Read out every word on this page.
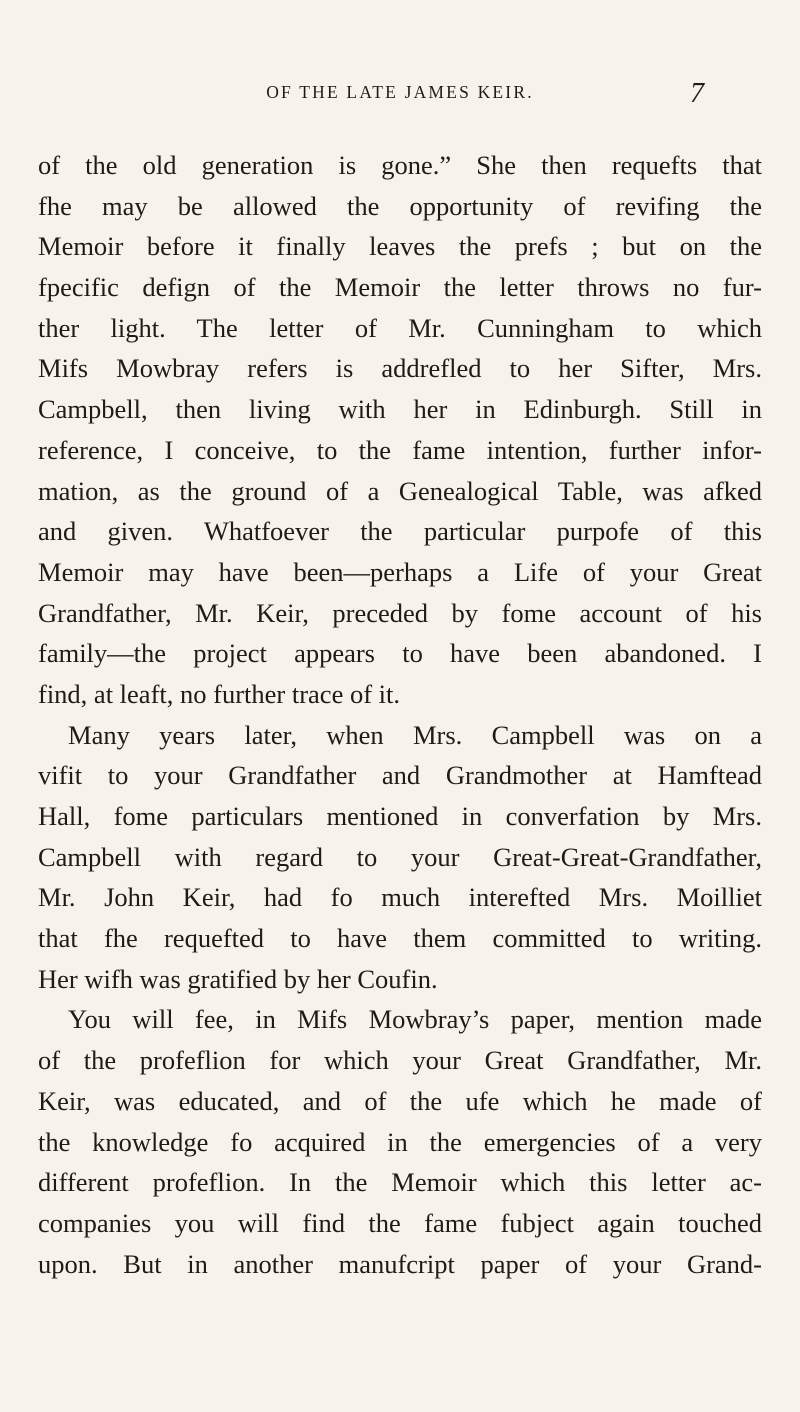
OF THE LATE JAMES KEIR.	7
of the old generation is gone.” She then requefts that
fhe may be allowed the opportunity of revifing the
Memoir before it finally leaves the prefs ; but on the
fpecific defign of the Memoir the letter throws no fur-
ther light. The letter of Mr. Cunningham to which
Mifs Mowbray refers is addrefled to her Sifter, Mrs.
Campbell, then living with her in Edinburgh. Still in
reference, I conceive, to the fame intention, further infor-
mation, as the ground of a Genealogical Table, was afked
and given. Whatfoever the particular purpofe of this
Memoir may have been—perhaps a Life of your Great
Grandfather, Mr. Keir, preceded by fome account of his
family—the project appears to have been abandoned. I
find, at leaft, no further trace of it.
Many years later, when Mrs. Campbell was on a
vifit to your Grandfather and Grandmother at Hamftead
Hall, fome particulars mentioned in converfation by Mrs.
Campbell with regard to your Great-Great-Grandfather,
Mr. John Keir, had fo much interefted Mrs. Moilliet
that fhe requefted to have them committed to writing.
Her wifh was gratified by her Coufin.
You will fee, in Mifs Mowbray’s paper, mention made
of the profeflion for which your Great Grandfather, Mr.
Keir, was educated, and of the ufe which he made of
the knowledge fo acquired in the emergencies of a very
different profeflion. In the Memoir which this letter ac-
companies you will find the fame fubject again touched
upon. But in another manufcript paper of your Grand-
